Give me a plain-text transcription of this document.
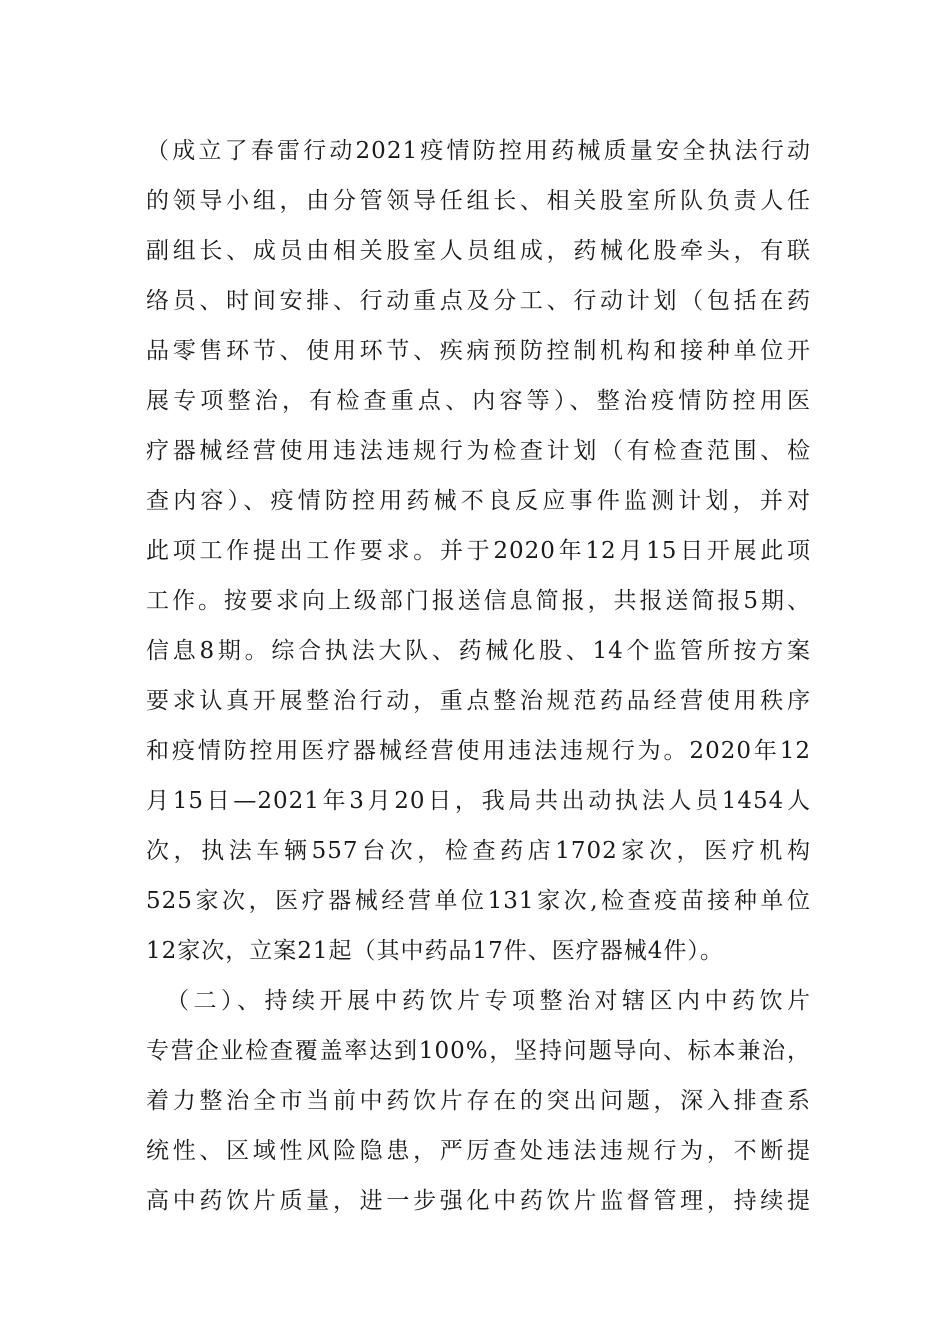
（成立了春雷行动2021疫情防控用药械质量安全执法行动
的领导小组，由分管领导任组长、相关股室所队负责人任
副组长、成员由相关股室人员组成，药械化股牵头，有联
络员、时间安排、行动重点及分工、行动计划（包括在药
品零售环节、使用环节、疾病预防控制机构和接种单位开
展专项整治，有检查重点、内容等）、整治疫情防控用医
疗器械经营使用违法违规行为检查计划（有检查范围、检
查内容）、疫情防控用药械不良反应事件监测计划，并对
此项工作提出工作要求。并于2020年12月15日开展此项
工作。按要求向上级部门报送信息简报，共报送简报5期、
信息8期。综合执法大队、药械化股、14个监管所按方案
要求认真开展整治行动，重点整治规范药品经营使用秩序
和疫情防控用医疗器械经营使用违法违规行为。2020年12
月15日—2021年3月20日，我局共出动执法人员1454人
次，执法车辆557台次，检查药店1702家次，医疗机构
525家次，医疗器械经营单位131家次,检查疫苗接种单位
12家次，立案21起（其中药品17件、医疗器械4件）。
（二）、持续开展中药饮片专项整治对辖区内中药饮片
专营企业检查覆盖率达到100%，坚持问题导向、标本兼治，
着力整治全市当前中药饮片存在的突出问题，深入排查系
统性、区域性风险隐患，严厉查处违法违规行为，不断提
高中药饮片质量，进一步强化中药饮片监督管理，持续提
